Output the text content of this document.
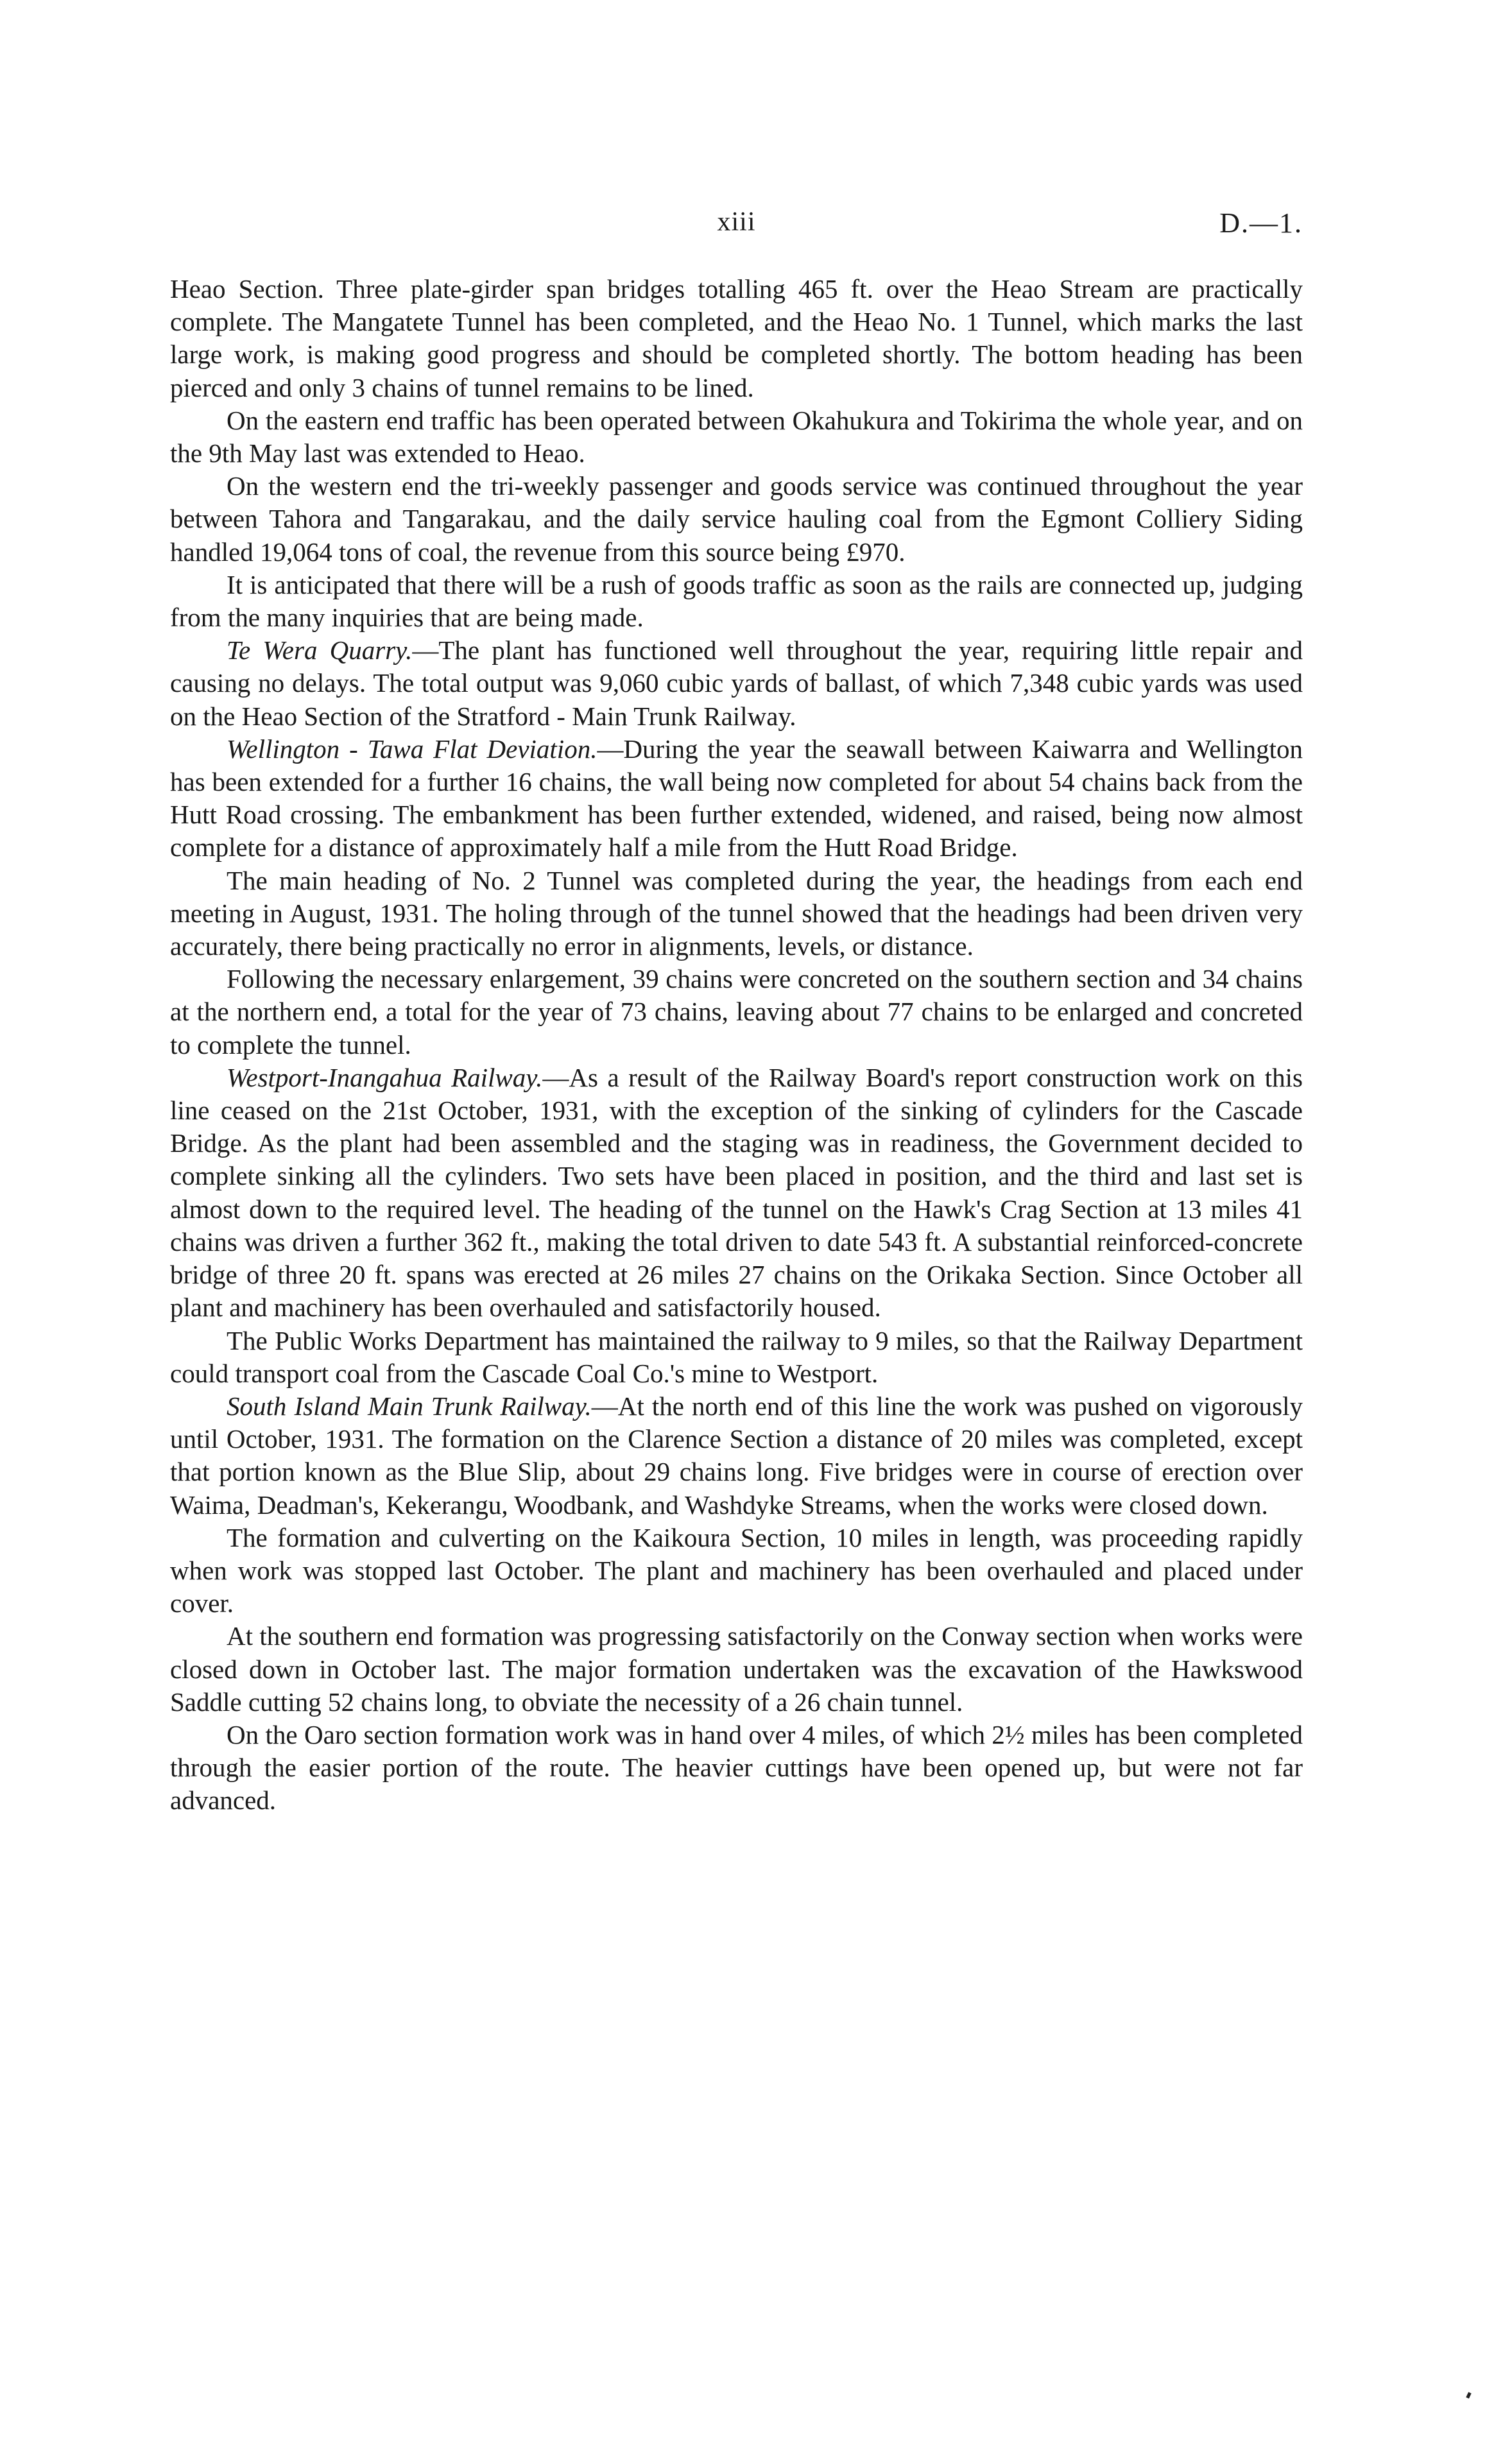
xiii	D.—1.

Heao Section. Three plate-girder span bridges totalling 465 ft. over the Heao Stream are practically complete. The Mangatete Tunnel has been completed, and the Heao No. 1 Tunnel, which marks the last large work, is making good progress and should be completed shortly. The bottom heading has been pierced and only 3 chains of tunnel remains to be lined.

On the eastern end traffic has been operated between Okahukura and Tokirima the whole year, and on the 9th May last was extended to Heao.

On the western end the tri-weekly passenger and goods service was continued throughout the year between Tahora and Tangarakau, and the daily service hauling coal from the Egmont Colliery Siding handled 19,064 tons of coal, the revenue from this source being £970.

It is anticipated that there will be a rush of goods traffic as soon as the rails are connected up, judging from the many inquiries that are being made.

Te Wera Quarry.—The plant has functioned well throughout the year, requiring little repair and causing no delays. The total output was 9,060 cubic yards of ballast, of which 7,348 cubic yards was used on the Heao Section of the Stratford - Main Trunk Railway.

Wellington - Tawa Flat Deviation.—During the year the seawall between Kaiwarra and Wellington has been extended for a further 16 chains, the wall being now completed for about 54 chains back from the Hutt Road crossing. The embankment has been further extended, widened, and raised, being now almost complete for a distance of approximately half a mile from the Hutt Road Bridge.

The main heading of No. 2 Tunnel was completed during the year, the headings from each end meeting in August, 1931. The holing through of the tunnel showed that the headings had been driven very accurately, there being practically no error in alignments, levels, or distance.

Following the necessary enlargement, 39 chains were concreted on the southern section and 34 chains at the northern end, a total for the year of 73 chains, leaving about 77 chains to be enlarged and concreted to complete the tunnel.

Westport-Inangahua Railway.—As a result of the Railway Board's report construction work on this line ceased on the 21st October, 1931, with the exception of the sinking of cylinders for the Cascade Bridge. As the plant had been assembled and the staging was in readiness, the Government decided to complete sinking all the cylinders. Two sets have been placed in position, and the third and last set is almost down to the required level. The heading of the tunnel on the Hawk's Crag Section at 13 miles 41 chains was driven a further 362 ft., making the total driven to date 543 ft. A substantial reinforced-concrete bridge of three 20 ft. spans was erected at 26 miles 27 chains on the Orikaka Section. Since October all plant and machinery has been overhauled and satisfactorily housed.

The Public Works Department has maintained the railway to 9 miles, so that the Railway Department could transport coal from the Cascade Coal Co.'s mine to Westport.

South Island Main Trunk Railway.—At the north end of this line the work was pushed on vigorously until October, 1931. The formation on the Clarence Section a distance of 20 miles was completed, except that portion known as the Blue Slip, about 29 chains long. Five bridges were in course of erection over Waima, Deadman's, Kekerangu, Woodbank, and Washdyke Streams, when the works were closed down.

The formation and culverting on the Kaikoura Section, 10 miles in length, was proceeding rapidly when work was stopped last October. The plant and machinery has been overhauled and placed under cover.

At the southern end formation was progressing satisfactorily on the Conway section when works were closed down in October last. The major formation undertaken was the excavation of the Hawkswood Saddle cutting 52 chains long, to obviate the necessity of a 26 chain tunnel.

On the Oaro section formation work was in hand over 4 miles, of which 2½ miles has been completed through the easier portion of the route. The heavier cuttings have been opened up, but were not far advanced.
